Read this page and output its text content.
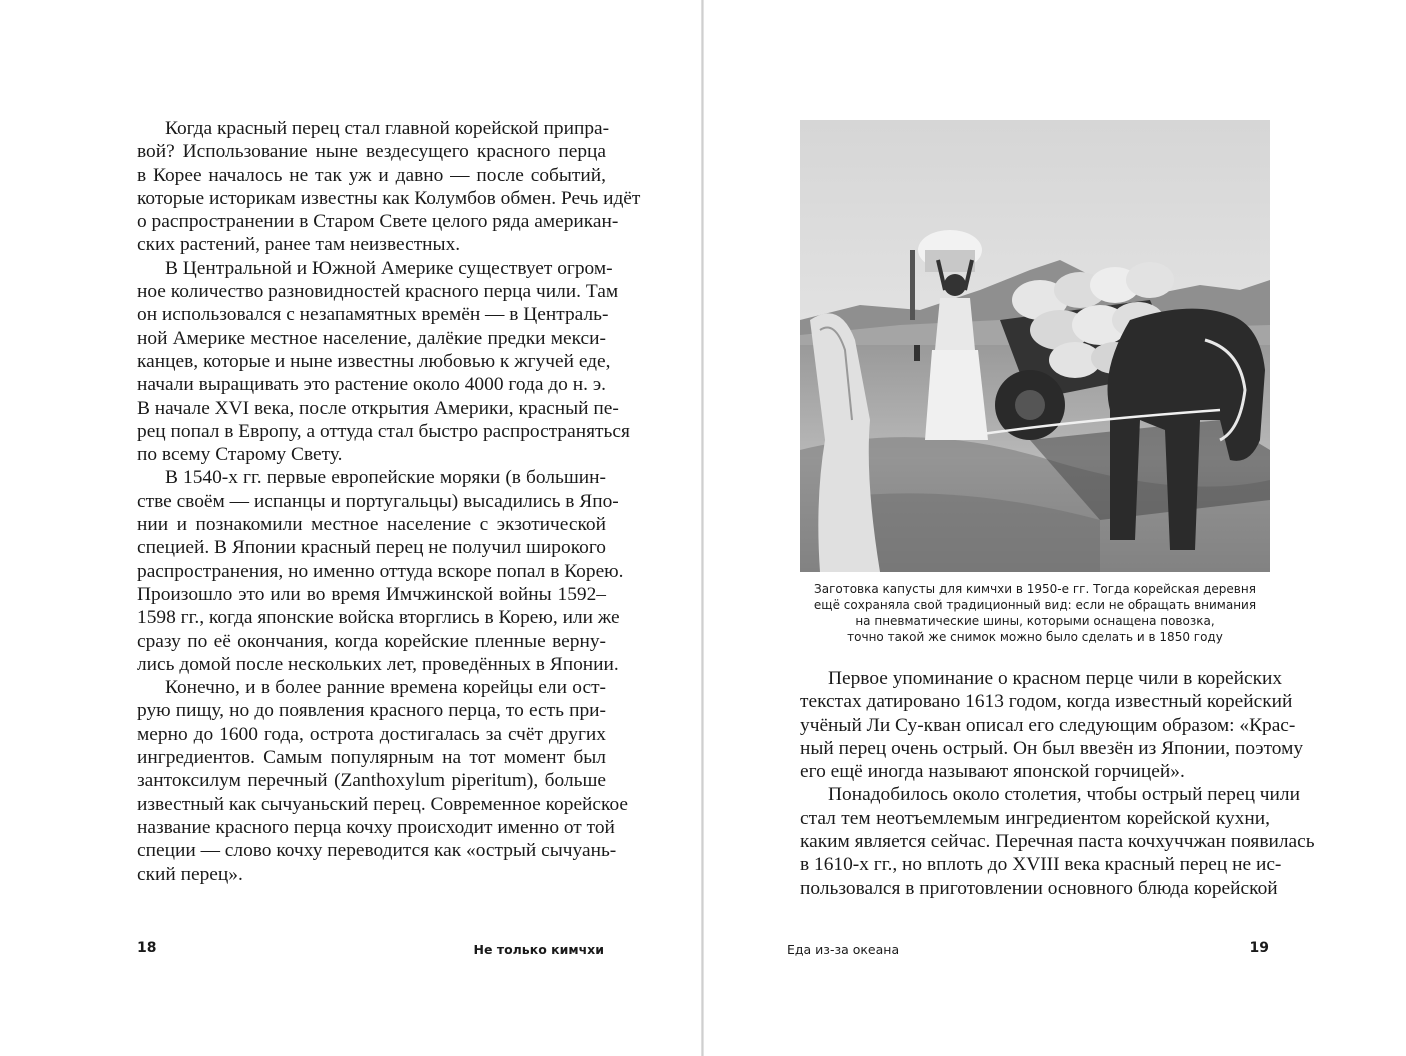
Когда красный перец стал главной корейской припра-
вой? Использование ныне вездесущего красного перца
в Корее началось не так уж и давно — после событий,
которые историкам известны как Колумбов обмен. Речь идёт
о распространении в Старом Свете целого ряда американ-
ских растений, ранее там неизвестных.
В Центральной и Южной Америке существует огром-
ное количество разновидностей красного перца чили. Там
он использовался с незапамятных времён — в Централь-
ной Америке местное население, далёкие предки мекси-
канцев, которые и ныне известны любовью к жгучей еде,
начали выращивать это растение около 4000 года до н. э.
В начале XVI века, после открытия Америки, красный пе-
рец попал в Европу, а оттуда стал быстро распространяться
по всему Старому Свету.
В 1540-х гг. первые европейские моряки (в большин-
стве своём — испанцы и португальцы) высадились в Япо-
нии и познакомили местное население с экзотической
специей. В Японии красный перец не получил широкого
распространения, но именно оттуда вскоре попал в Корею.
Произошло это или во время Имчжинской войны 1592–
1598 гг., когда японские войска вторглись в Корею, или же
сразу по её окончания, когда корейские пленные верну-
лись домой после нескольких лет, проведённых в Японии.
Конечно, и в более ранние времена корейцы ели ост-
рую пищу, но до появления красного перца, то есть при-
мерно до 1600 года, острота достигалась за счёт других
ингредиентов. Самым популярным на тот момент был
зантоксилум перечный (Zanthoxylum piperitum), больше
известный как сычуаньский перец. Современное корейское
название красного перца кочху происходит именно от той
специи — слово кочху переводится как «острый сычуань-
ский перец».
18	Не только кимчхи
Заготовка капусты для кимчхи в 1950-е гг. Тогда корейская деревня
ещё сохраняла свой традиционный вид: если не обращать внимания
на пневматические шины, которыми оснащена повозка,
точно такой же снимок можно было сделать и в 1850 году
Первое упоминание о красном перце чили в корейских
текстах датировано 1613 годом, когда известный корейский
учёный Ли Су-кван описал его следующим образом: «Крас-
ный перец очень острый. Он был ввезён из Японии, поэтому
его ещё иногда называют японской горчицей».
Понадобилось около столетия, чтобы острый перец чили
стал тем неотъемлемым ингредиентом корейской кухни,
каким является сейчас. Перечная паста кочхуччжан появилась
в 1610-х гг., но вплоть до XVIII века красный перец не ис-
пользовался в приготовлении основного блюда корейской
Еда из-за океана	19
